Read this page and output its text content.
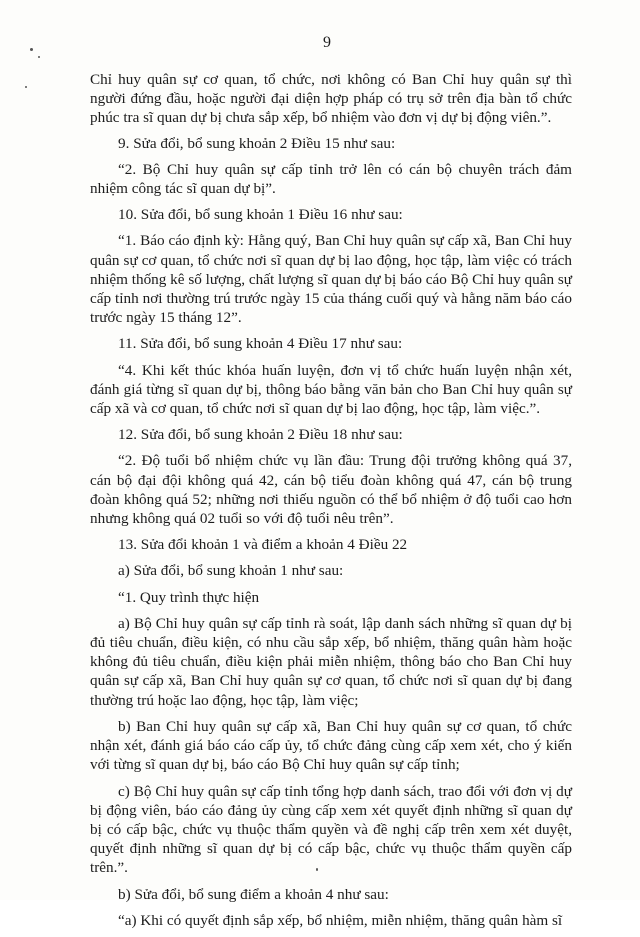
9

Chỉ huy quân sự cơ quan, tổ chức, nơi không có Ban Chỉ huy quân sự thì người đứng đầu, hoặc người đại diện hợp pháp có trụ sở trên địa bàn tổ chức phúc tra sĩ quan dự bị chưa sắp xếp, bổ nhiệm vào đơn vị dự bị động viên.”.

9. Sửa đổi, bổ sung khoản 2 Điều 15 như sau:

“2. Bộ Chỉ huy quân sự cấp tỉnh trở lên có cán bộ chuyên trách đảm nhiệm công tác sĩ quan dự bị”.

10. Sửa đổi, bổ sung khoản 1 Điều 16 như sau:

“1. Báo cáo định kỳ: Hằng quý, Ban Chỉ huy quân sự cấp xã, Ban Chỉ huy quân sự cơ quan, tổ chức nơi sĩ quan dự bị lao động, học tập, làm việc có trách nhiệm thống kê số lượng, chất lượng sĩ quan dự bị báo cáo Bộ Chỉ huy quân sự cấp tỉnh nơi thường trú trước ngày 15 của tháng cuối quý và hằng năm báo cáo trước ngày 15 tháng 12”.

11. Sửa đổi, bổ sung khoản 4 Điều 17 như sau:

“4. Khi kết thúc khóa huấn luyện, đơn vị tổ chức huấn luyện nhận xét, đánh giá từng sĩ quan dự bị, thông báo bằng văn bản cho Ban Chỉ huy quân sự cấp xã và cơ quan, tổ chức nơi sĩ quan dự bị lao động, học tập, làm việc.”.

12. Sửa đổi, bổ sung khoản 2 Điều 18 như sau:

“2. Độ tuổi bổ nhiệm chức vụ lần đầu: Trung đội trưởng không quá 37, cán bộ đại đội không quá 42, cán bộ tiểu đoàn không quá 47, cán bộ trung đoàn không quá 52; những nơi thiếu nguồn có thể bổ nhiệm ở độ tuổi cao hơn nhưng không quá 02 tuổi so với độ tuổi nêu trên”.

13. Sửa đổi khoản 1 và điểm a khoản 4 Điều 22

a) Sửa đổi, bổ sung khoản 1 như sau:

“1. Quy trình thực hiện

a) Bộ Chỉ huy quân sự cấp tỉnh rà soát, lập danh sách những sĩ quan dự bị đủ tiêu chuẩn, điều kiện, có nhu cầu sắp xếp, bổ nhiệm, thăng quân hàm hoặc không đủ tiêu chuẩn, điều kiện phải miễn nhiệm, thông báo cho Ban Chỉ huy quân sự cấp xã, Ban Chỉ huy quân sự cơ quan, tổ chức nơi sĩ quan dự bị đang thường trú hoặc lao động, học tập, làm việc;

b) Ban Chỉ huy quân sự cấp xã, Ban Chỉ huy quân sự cơ quan, tổ chức nhận xét, đánh giá báo cáo cấp ủy, tổ chức đảng cùng cấp xem xét, cho ý kiến với từng sĩ quan dự bị, báo cáo Bộ Chỉ huy quân sự cấp tỉnh;

c) Bộ Chỉ huy quân sự cấp tỉnh tổng hợp danh sách, trao đổi với đơn vị dự bị động viên, báo cáo đảng ủy cùng cấp xem xét quyết định những sĩ quan dự bị có cấp bậc, chức vụ thuộc thẩm quyền và đề nghị cấp trên xem xét duyệt, quyết định những sĩ quan dự bị có cấp bậc, chức vụ thuộc thẩm quyền cấp trên.”.

b) Sửa đổi, bổ sung điểm a khoản 4 như sau:

“a) Khi có quyết định sắp xếp, bổ nhiệm, miễn nhiệm, thăng quân hàm sĩ
